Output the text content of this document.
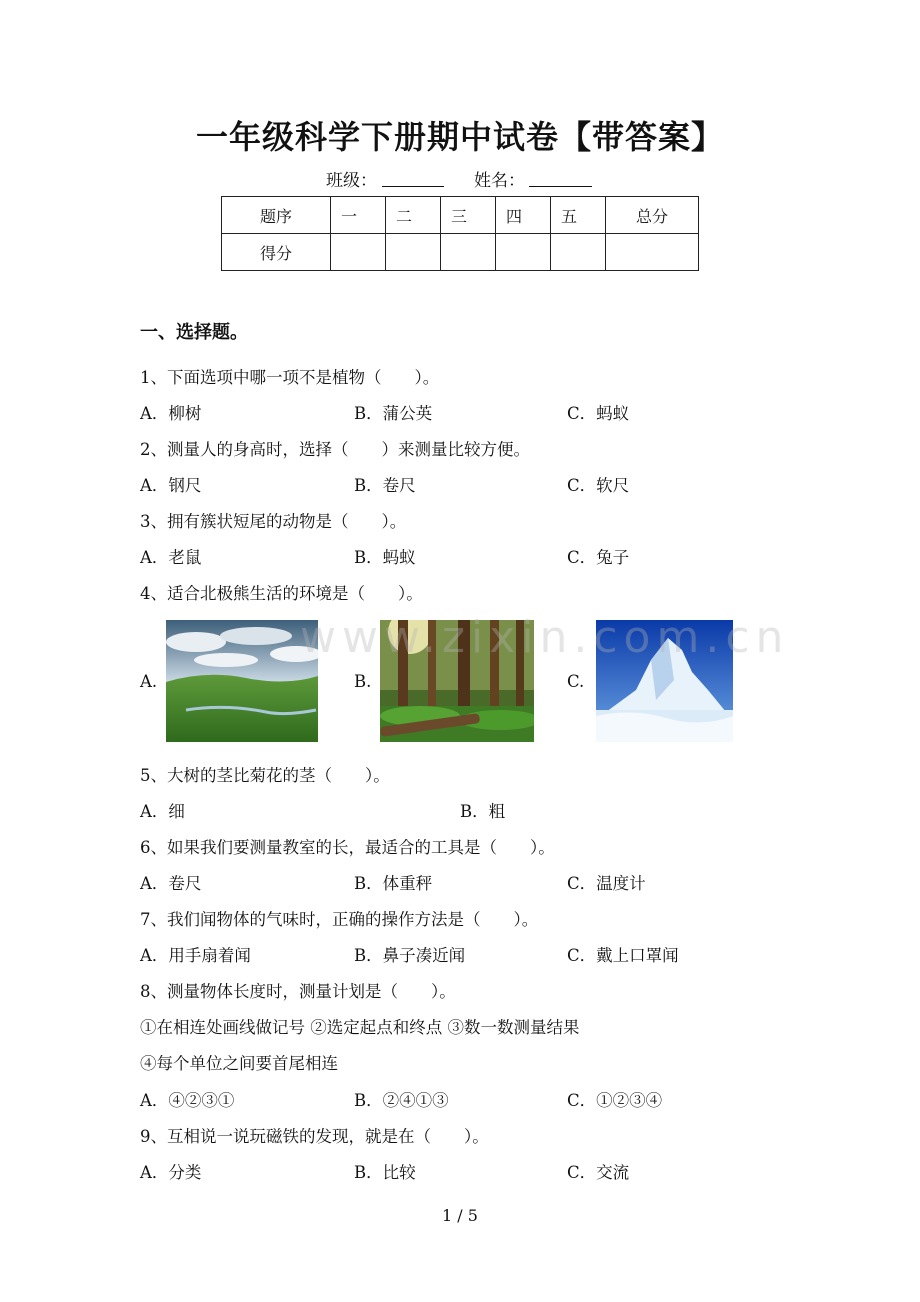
一年级科学下册期中试卷【带答案】
班级：	姓名：
题序	一	二	三	四	五	总分
得分						
一、选择题。
1、下面选项中哪一项不是植物（　　）。
A．柳树	B．蒲公英	C．蚂蚁
2、测量人的身高时，选择（　　）来测量比较方便。
A．钢尺	B．卷尺	C．软尺
3、拥有簇状短尾的动物是（　　）。
A．老鼠	B．蚂蚁	C．兔子
4、适合北极熊生活的环境是（　　）。
A.	B.	C.
www.zixin.com.cn
5、大树的茎比菊花的茎（　　）。
A．细	B．粗
6、如果我们要测量教室的长，最适合的工具是（　　）。
A．卷尺	B．体重秤	C．温度计
7、我们闻物体的气味时，正确的操作方法是（　　）。
A．用手扇着闻	B．鼻子凑近闻	C．戴上口罩闻
8、测量物体长度时，测量计划是（　　）。
①在相连处画线做记号 ②选定起点和终点 ③数一数测量结果
④每个单位之间要首尾相连
A．④②③①	B．②④①③	C．①②③④
9、互相说一说玩磁铁的发现，就是在（　　）。
A．分类	B．比较	C．交流
1 / 5
